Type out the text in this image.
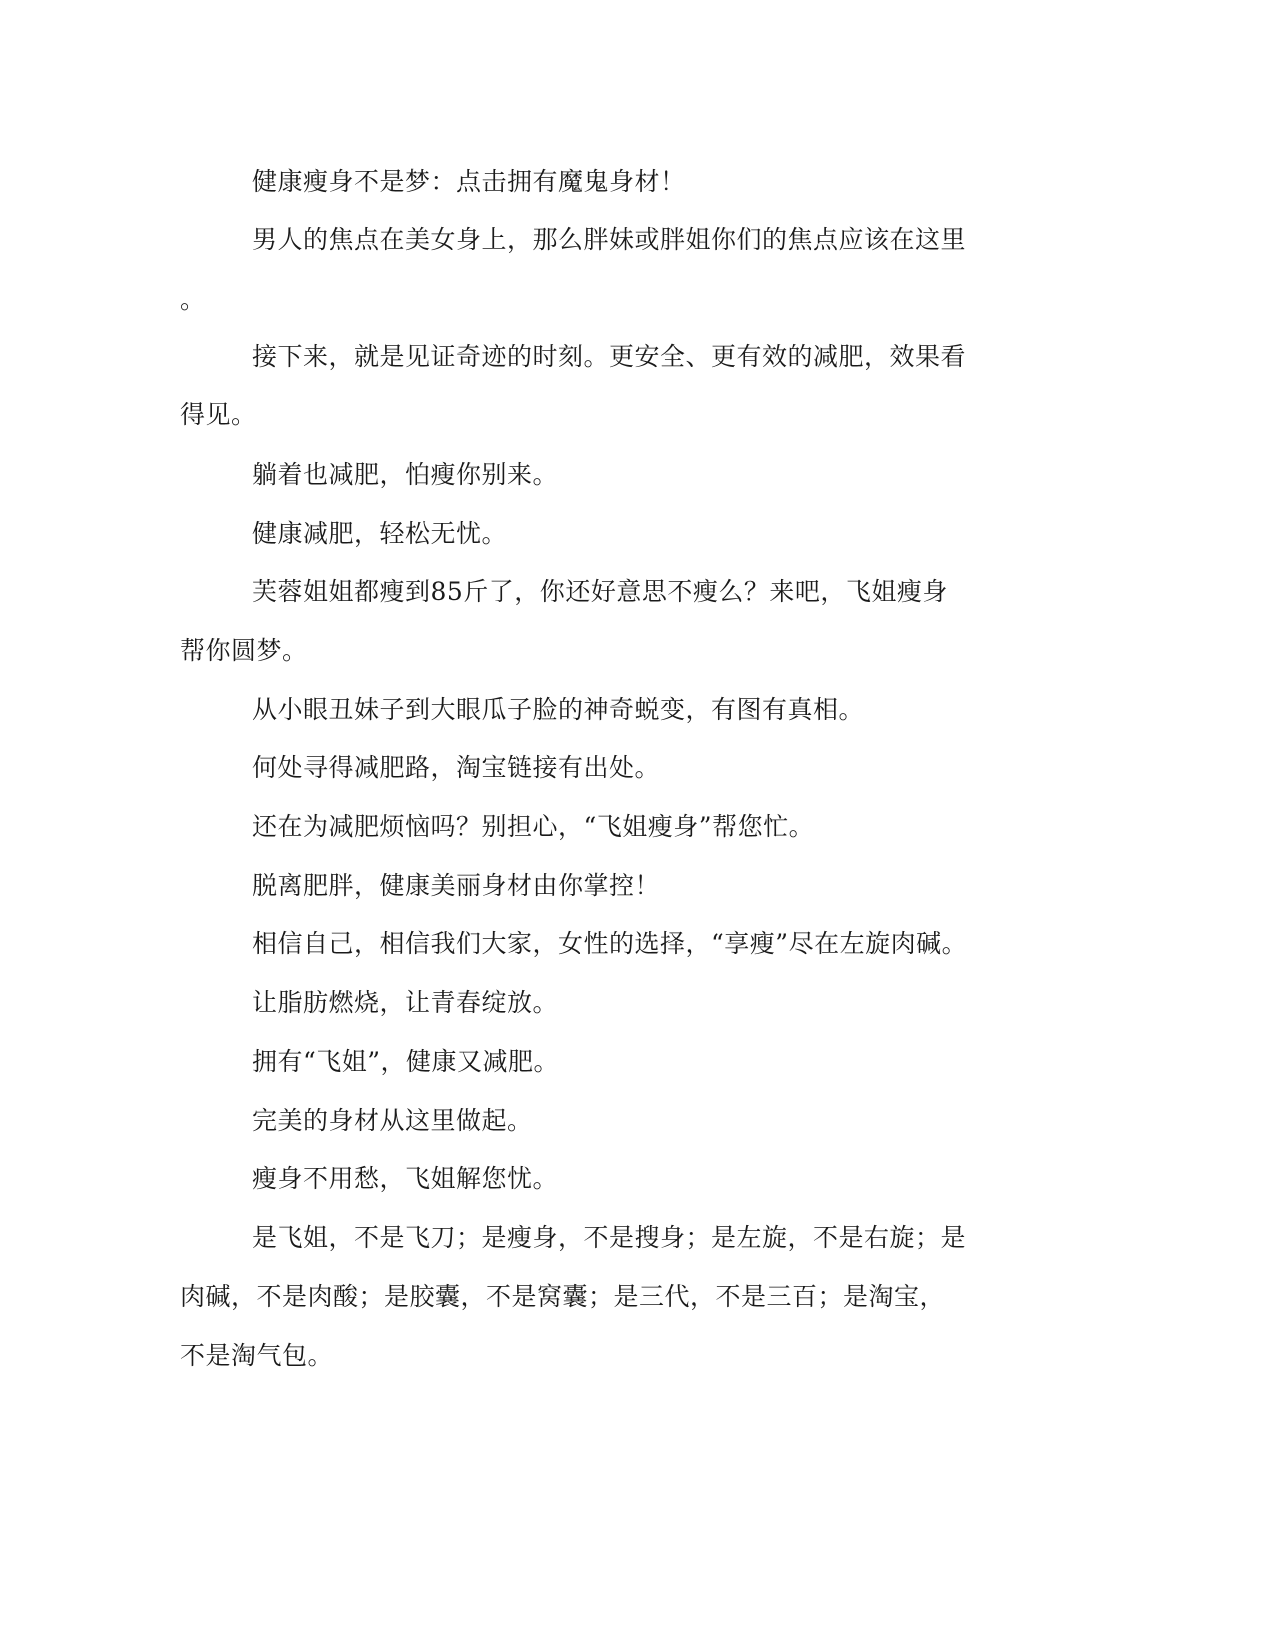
健康瘦身不是梦：点击拥有魔鬼身材！

男人的焦点在美女身上，那么胖妹或胖姐你们的焦点应该在这里

。

接下来，就是见证奇迹的时刻。更安全、更有效的减肥，效果看

得见。

躺着也减肥，怕瘦你别来。

健康减肥，轻松无忧。

芙蓉姐姐都瘦到85斤了，你还好意思不瘦么？来吧，飞姐瘦身

帮你圆梦。

从小眼丑妹子到大眼瓜子脸的神奇蜕变，有图有真相。

何处寻得减肥路，淘宝链接有出处。

还在为减肥烦恼吗？别担心，“飞姐瘦身”帮您忙。

脱离肥胖，健康美丽身材由你掌控！

相信自己，相信我们大家，女性的选择，“享瘦”尽在左旋肉碱。

让脂肪燃烧，让青春绽放。

拥有“飞姐”，健康又减肥。

完美的身材从这里做起。

瘦身不用愁，飞姐解您忧。

是飞姐，不是飞刀；是瘦身，不是搜身；是左旋，不是右旋；是

肉碱，不是肉酸；是胶囊，不是窝囊；是三代，不是三百；是淘宝，

不是淘气包。
